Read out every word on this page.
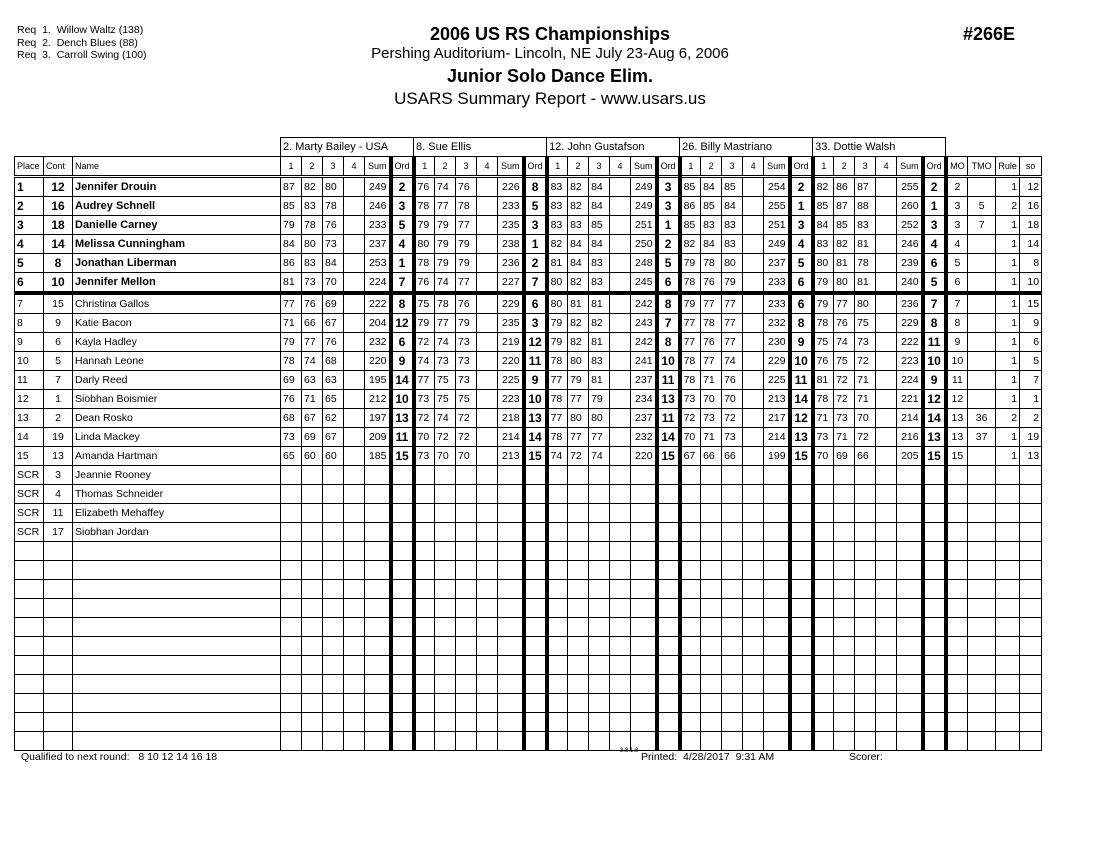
Req  1.  Willow Waltz (138)
Req  2.  Dench Blues (88)
Req  3.  Carroll Swing (100)
2006 US RS Championships
Pershing Auditorium- Lincoln, NE July 23-Aug 6, 2006
Junior Solo Dance Elim.
USARS Summary Report - www.usars.us
#266E
			2. Marty Bailey - USA						8. Sue Ellis						12. John Gustafson						26. Billy Mastriano						33. Dottie Walsh									
Place	Cont	Name	1	2	3	4	Sum	Ord	1	2	3	4	Sum	Ord	1	2	3	4	Sum	Ord	1	2	3	4	Sum	Ord	1	2	3	4	Sum	Ord	MO	TMO	Rule	so
1	12	Jennifer Drouin	87	82	80		249	2	76	74	76		226	8	83	82	84		249	3	85	84	85		254	2	82	86	87		255	2	2		1	12
2	16	Audrey Schnell	85	83	78		246	3	78	77	78		233	5	83	82	84		249	3	86	85	84		255	1	85	87	88		260	1	3	5	2	16
3	18	Danielle Carney	79	78	76		233	5	79	79	77		235	3	83	83	85		251	1	85	83	83		251	3	84	85	83		252	3	3	7	1	18
4	14	Melissa Cunningham	84	80	73		237	4	80	79	79		238	1	82	84	84		250	2	82	84	83		249	4	83	82	81		246	4	4		1	14
5	8	Jonathan Liberman	86	83	84		253	1	78	79	79		236	2	81	84	83		248	5	79	78	80		237	5	80	81	78		239	6	5		1	8
6	10	Jennifer Mellon	81	73	70		224	7	76	74	77		227	7	80	82	83		245	6	78	76	79		233	6	79	80	81		240	5	6		1	10
7	15	Christina Gallos	77	76	69		222	8	75	78	76		229	6	80	81	81		242	8	79	77	77		233	6	79	77	80		236	7	7		1	15
8	9	Katie Bacon	71	66	67		204	12	79	77	79		235	3	79	82	82		243	7	77	78	77		232	8	78	76	75		229	8	8		1	9
9	6	Kayla Hadley	79	77	76		232	6	72	74	73		219	12	79	82	81		242	8	77	76	77		230	9	75	74	73		222	11	9		1	6
10	5	Hannah Leone	78	74	68		220	9	74	73	73		220	11	78	80	83		241	10	78	77	74		229	10	76	75	72		223	10	10		1	5
11	7	Darly Reed	69	63	63		195	14	77	75	73		225	9	77	79	81		237	11	78	71	76		225	11	81	72	71		224	9	11		1	7
12	1	Siobhan Boismier	76	71	65		212	10	73	75	75		223	10	78	77	79		234	13	73	70	70		213	14	78	72	71		221	12	12		1	1
13	2	Dean Rosko	68	67	62		197	13	72	74	72		218	13	77	80	80		237	11	72	73	72		217	12	71	73	70		214	14	13	36	2	2
14	19	Linda Mackey	73	69	67		209	11	70	72	72		214	14	78	77	77		232	14	70	71	73		214	13	73	71	72		216	13	13	37	1	19
15	13	Amanda Hartman	65	60	60		185	15	73	70	70		213	15	74	72	74		220	15	67	66	66		199	15	70	69	66		205	15	15		1	13
SCR	3	Jeannie Rooney																																		
SCR	4	Thomas Schneider																																		
SCR	11	Elizabeth Mehaffey																																		
SCR	17	Siobhan Jordan																																		

Qualified to next round:   8 10 12 14 16 18	3.8.1.8 Printed:  4/28/2017  9:31 AM	Scorer:
